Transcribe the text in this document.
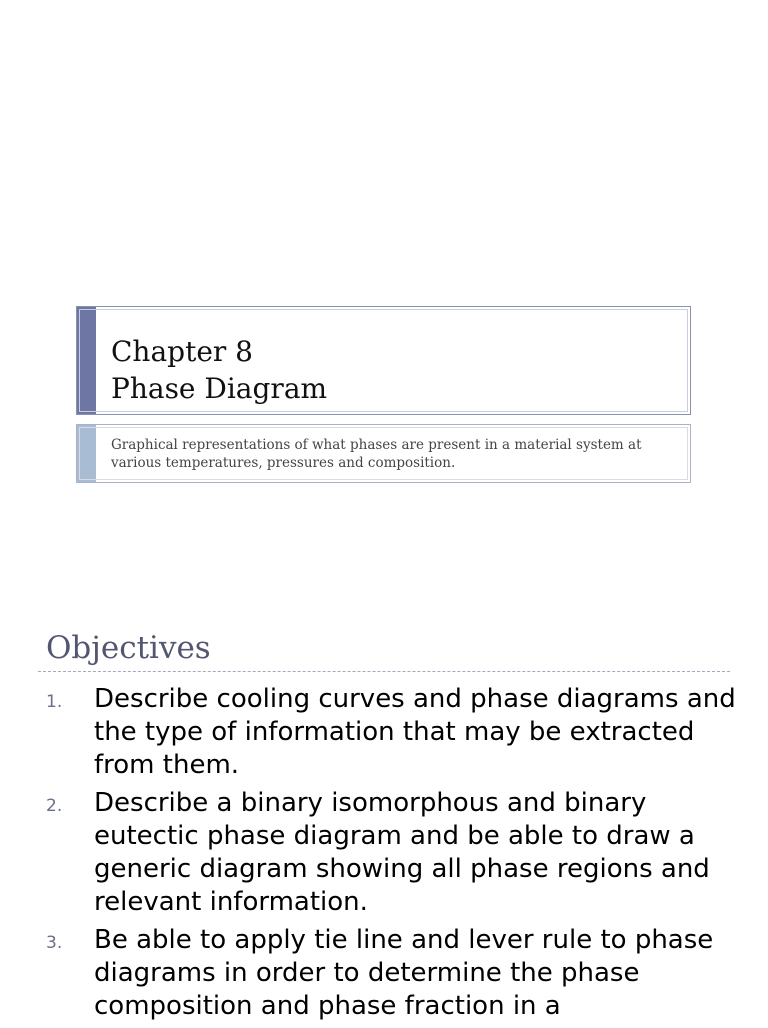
Chapter 8
Phase Diagram

Graphical representations of what phases are present in a material system at various temperatures, pressures and composition.

Objectives
1. Describe cooling curves and phase diagrams and the type of information that may be extracted from them.
2. Describe a binary isomorphous and binary eutectic phase diagram and be able to draw a generic diagram showing all phase regions and relevant information.
3. Be able to apply tie line and lever rule to phase diagrams in order to determine the phase composition and phase fraction in a
